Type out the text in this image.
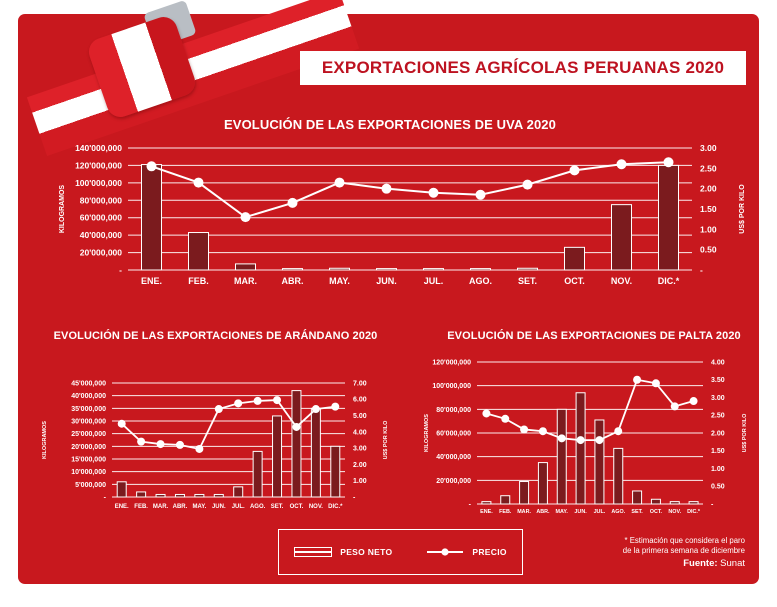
EXPORTACIONES AGRÍCOLAS PERUANAS 2020
EVOLUCIÓN DE LAS EXPORTACIONES DE UVA 2020
140'000,000
120'000,000
100'000,000
80'000,000
60'000,000
40'000,000
20'000,000
-
3.00
2.50
2.00
1.50
1.00
0.50
-
ENE.	FEB.	MAR.	ABR.	MAY.	JUN.	JUL.	AGO.	SET.	OCT.	NOV.	DIC.*
KILOGRAMOS	US$ POR KILO
EVOLUCIÓN DE LAS EXPORTACIONES DE ARÁNDANO 2020
45'000,000
40'000,000
35'000,000
30'000,000
25'000,000
20'000,000
15'000,000
10'000,000
5'000,000
-
7.00
6.00
5.00
4.00
3.00
2.00
1.00
-
ENE. FEB. MAR. ABR. MAY. JUN. JUL. AGO. SET. OCT. NOV. DIC.*
KILOGRAMOS	US$ POR KILO
EVOLUCIÓN DE LAS EXPORTACIONES DE PALTA 2020
120'000,000
100'000,000
80'000,000
60'000,000
40'000,000
20'000,000
-
4.00
3.50
3.00
2.50
2.00
1.50
1.00
0.50
-
ENE. FEB. MAR. ABR. MAY. JUN. JUL. AGO. SET. OCT. NOV. DIC.*
KILOGRAMOS	US$ POR KILO
PESO NETO	PRECIO
* Estimación que considera el paro
de la primera semana de diciembre
Fuente: Sunat
